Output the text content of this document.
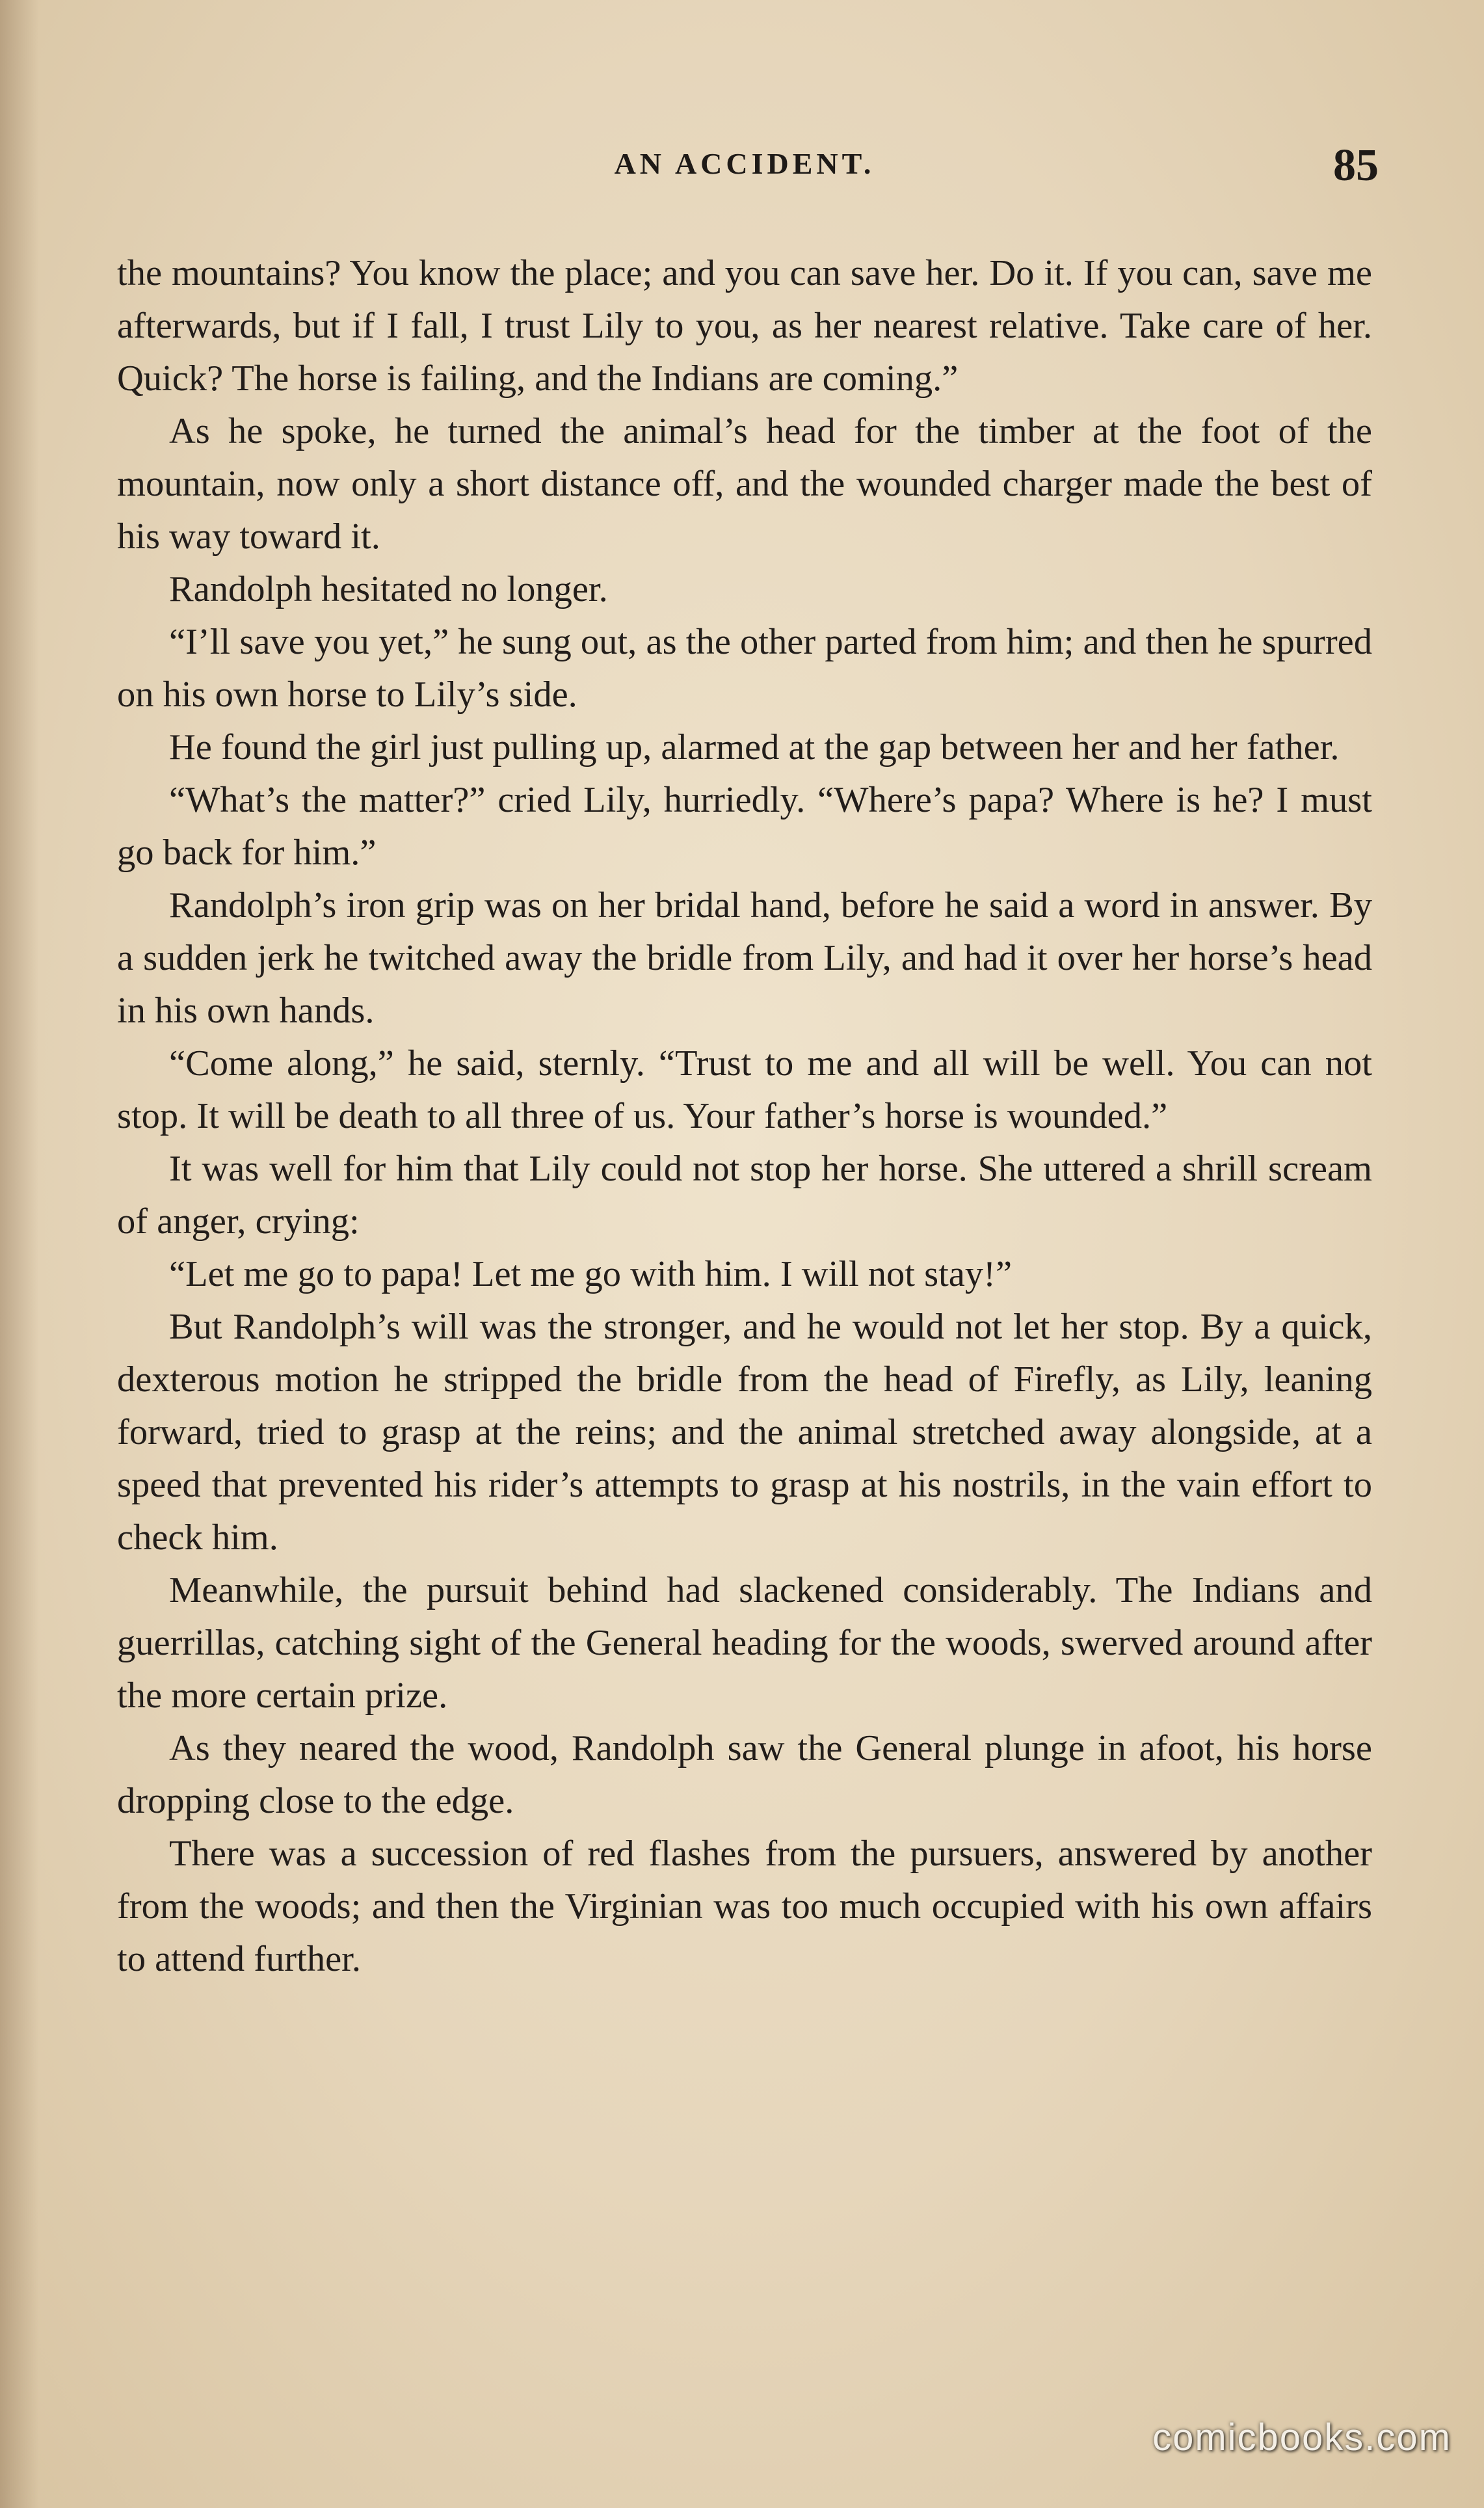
AN ACCIDENT.	85

the mountains? You know the place; and you can save her. Do it. If you can, save me afterwards, but if I fall, I trust Lily to you, as her nearest relative. Take care of her. Quick? The horse is failing, and the Indians are coming.”

As he spoke, he turned the animal’s head for the timber at the foot of the mountain, now only a short distance off, and the wounded charger made the best of his way toward it.

Randolph hesitated no longer.

“I’ll save you yet,” he sung out, as the other parted from him; and then he spurred on his own horse to Lily’s side.

He found the girl just pulling up, alarmed at the gap between her and her father.

“What’s the matter?” cried Lily, hurriedly. “Where’s papa? Where is he? I must go back for him.”

Randolph’s iron grip was on her bridal hand, before he said a word in answer. By a sudden jerk he twitched away the bridle from Lily, and had it over her horse’s head in his own hands.

“Come along,” he said, sternly. “Trust to me and all will be well. You can not stop. It will be death to all three of us. Your father’s horse is wounded.”

It was well for him that Lily could not stop her horse. She uttered a shrill scream of anger, crying:

“Let me go to papa! Let me go with him. I will not stay!”

But Randolph’s will was the stronger, and he would not let her stop. By a quick, dexterous motion he stripped the bridle from the head of Firefly, as Lily, leaning forward, tried to grasp at the reins; and the animal stretched away alongside, at a speed that prevented his rider’s attempts to grasp at his nostrils, in the vain effort to check him.

Meanwhile, the pursuit behind had slackened considerably. The Indians and guerrillas, catching sight of the General heading for the woods, swerved around after the more certain prize.

As they neared the wood, Randolph saw the General plunge in afoot, his horse dropping close to the edge.

There was a succession of red flashes from the pursuers, answered by another from the woods; and then the Virginian was too much occupied with his own affairs to attend further.

comicbooks.com
